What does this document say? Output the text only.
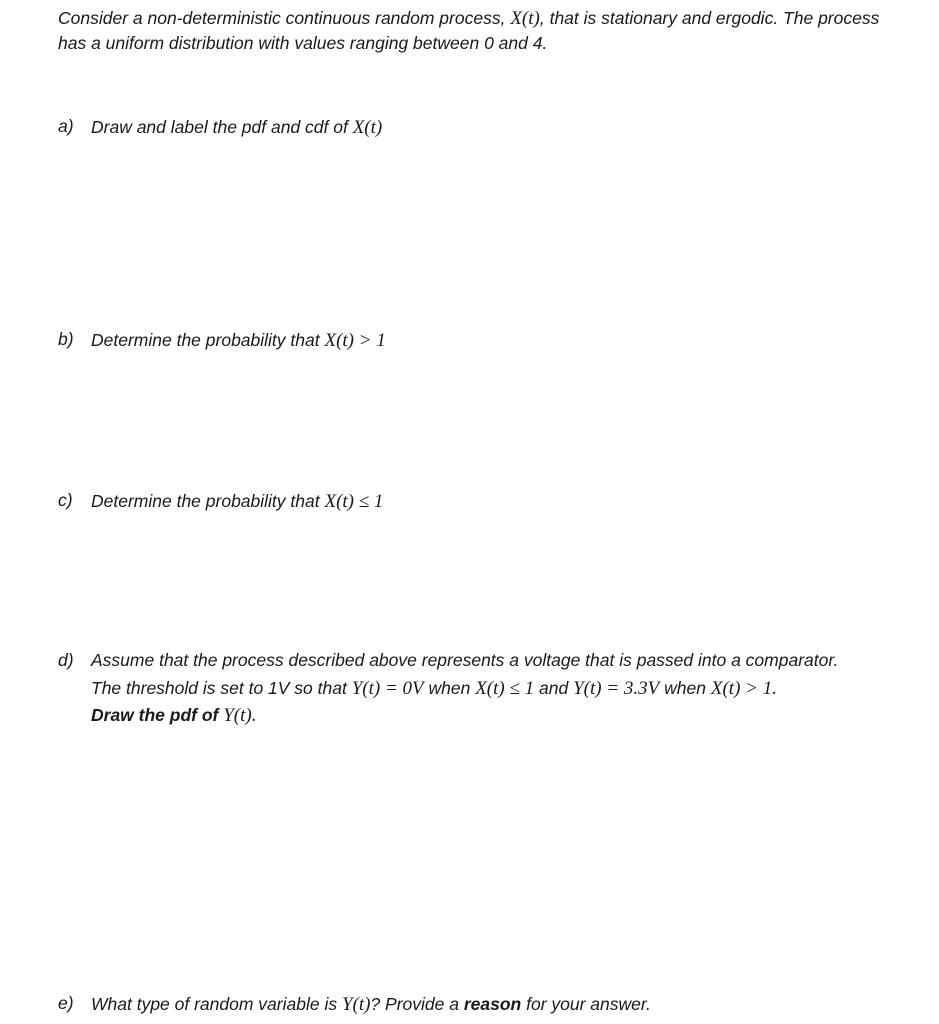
Consider a non-deterministic continuous random process, X(t), that is stationary and ergodic. The process
has a uniform distribution with values ranging between 0 and 4.
a) Draw and label the pdf and cdf of X(t)
b) Determine the probability that X(t) > 1
c) Determine the probability that X(t) ≤ 1
d) Assume that the process described above represents a voltage that is passed into a comparator.
The threshold is set to 1V so that Y(t) = 0V when X(t) ≤ 1 and Y(t) = 3.3V when X(t) > 1.
Draw the pdf of Y(t).
e) What type of random variable is Y(t)? Provide a reason for your answer.
